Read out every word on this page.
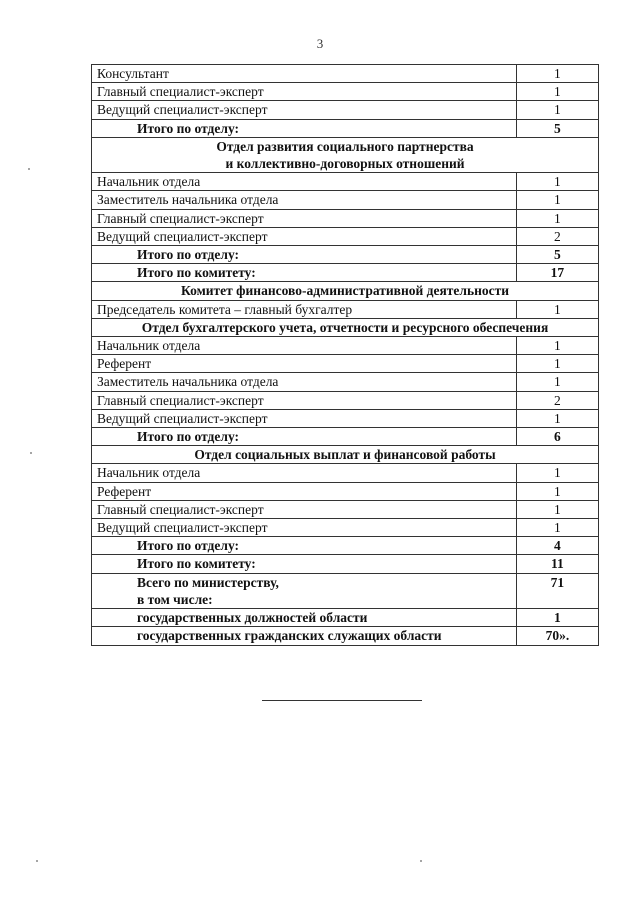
3
Консультант	1
Главный специалист-эксперт	1
Ведущий специалист-эксперт	1

Итого по отделу:	5

Отдел развития социального партнерства
и коллективно-договорных отношений	

Начальник отдела	1
Заместитель начальника отдела	1
Главный специалист-эксперт	1
Ведущий специалист-эксперт	2

Итого по отделу:	5

Итого по комитету:	17

Комитет финансово-административной деятельности	

Председатель комитета – главный бухгалтер	1

Отдел бухгалтерского учета, отчетности и ресурсного обеспечения	

Начальник отдела	1
Референт	1
Заместитель начальника отдела	1
Главный специалист-эксперт	2
Ведущий специалист-эксперт	1

Итого по отделу:	6

Отдел социальных выплат и финансовой работы	

Начальник отдела	1
Референт	1
Главный специалист-эксперт	1
Ведущий специалист-эксперт	1

Итого по отделу:	4

Итого по комитету:	11

Всего по министерству,
в том числе:	71

государственных должностей области	1

государственных гражданских служащих области	70».
